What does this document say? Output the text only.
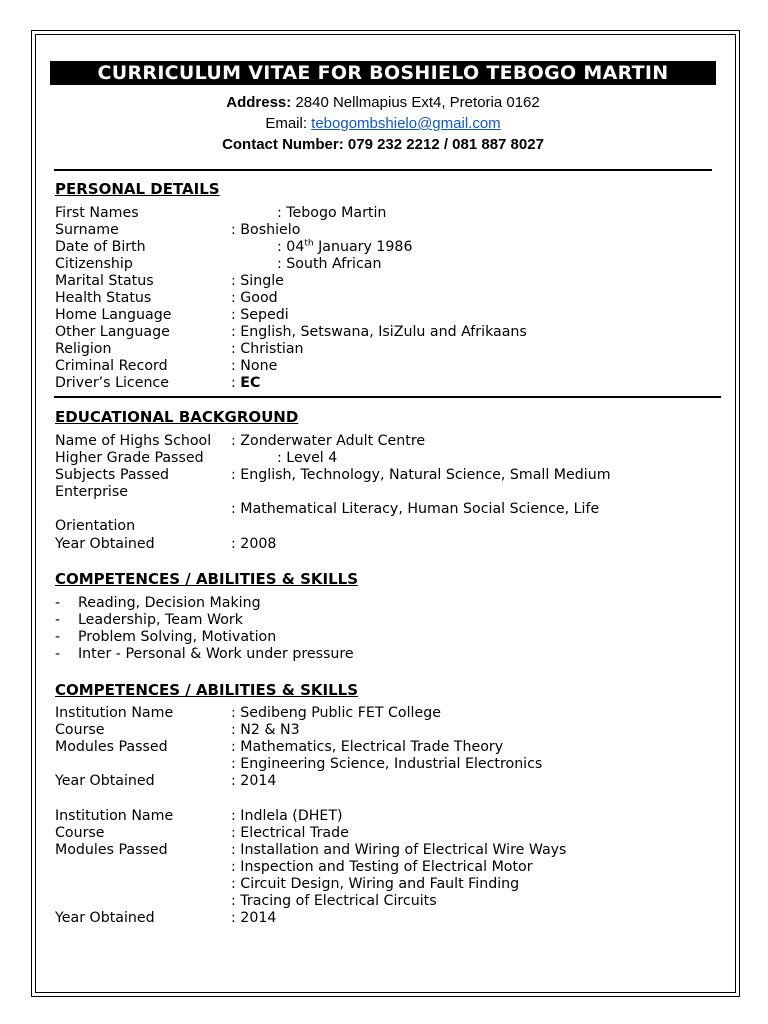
CURRICULUM VITAE FOR BOSHIELO TEBOGO MARTIN
Address: 2840 Nellmapius Ext4, Pretoria 0162
Email: tebogombshielo@gmail.com
Contact Number: 079 232 2212 / 081 887 8027
PERSONAL DETAILS
First Names	: Tebogo Martin
Surname	: Boshielo
Date of Birth	: 04th January 1986
Citizenship	: South African
Marital Status	: Single
Health Status	: Good
Home Language	: Sepedi
Other Language	: English, Setswana, IsiZulu and Afrikaans
Religion	: Christian
Criminal Record	: None
Driver’s Licence	: EC
EDUCATIONAL BACKGROUND
Name of Highs School : Zonderwater Adult Centre
Higher Grade Passed	: Level 4
Subjects Passed	: English, Technology, Natural Science, Small Medium
Enterprise
: Mathematical Literacy, Human Social Science, Life
Orientation
Year Obtained	: 2008
COMPETENCES / ABILITIES & SKILLS
- Reading, Decision Making
- Leadership, Team Work
- Problem Solving, Motivation
- Inter - Personal & Work under pressure
COMPETENCES / ABILITIES & SKILLS
Institution Name	: Sedibeng Public FET College
Course	: N2 & N3
Modules Passed	: Mathematics, Electrical Trade Theory
: Engineering Science, Industrial Electronics
Year Obtained	: 2014
Institution Name	: Indlela (DHET)
Course	: Electrical Trade
Modules Passed	: Installation and Wiring of Electrical Wire Ways
: Inspection and Testing of Electrical Motor
: Circuit Design, Wiring and Fault Finding
: Tracing of Electrical Circuits
Year Obtained	: 2014
